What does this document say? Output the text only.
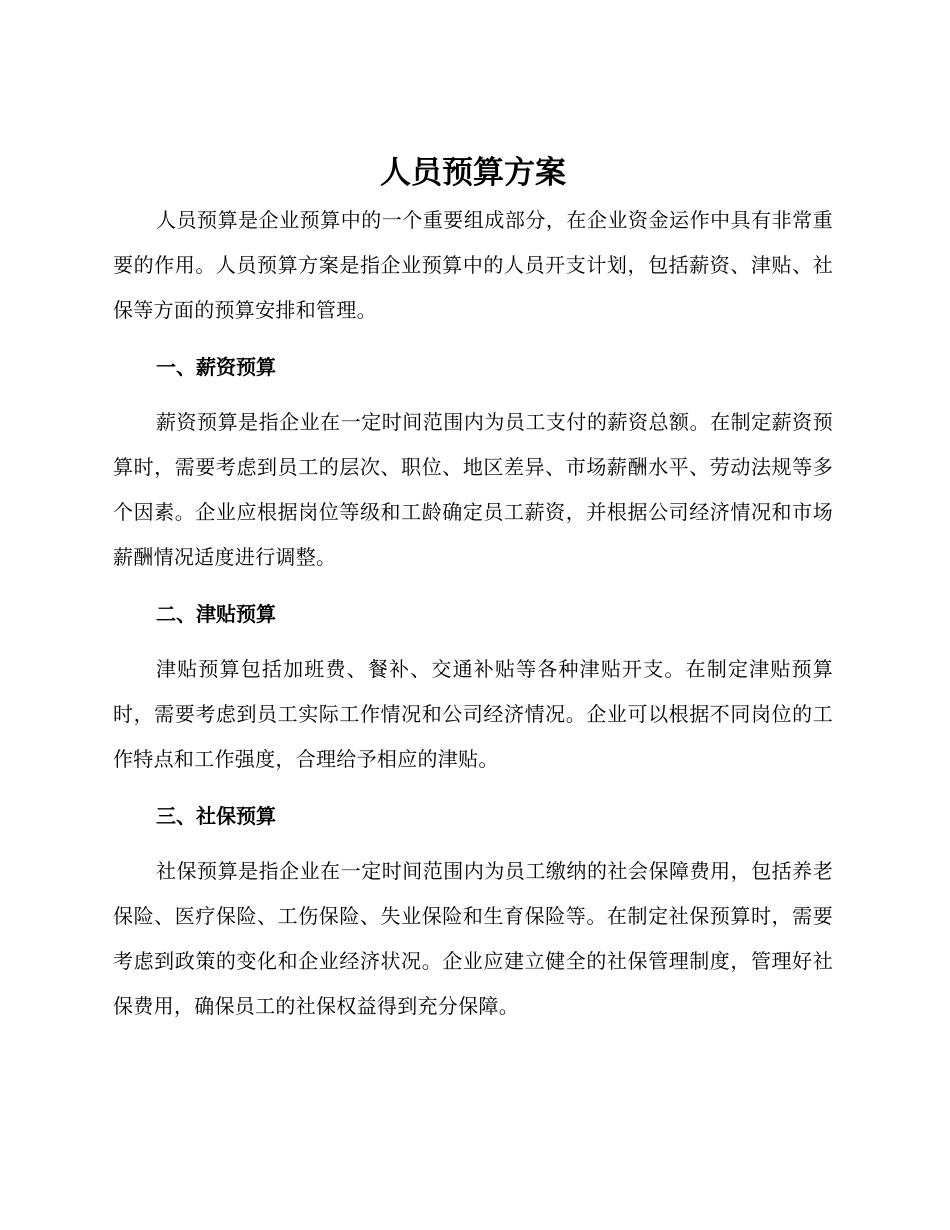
人员预算方案

人员预算是企业预算中的一个重要组成部分，在企业资金运作中具有非常重要的作用。人员预算方案是指企业预算中的人员开支计划，包括薪资、津贴、社保等方面的预算安排和管理。

一、薪资预算

薪资预算是指企业在一定时间范围内为员工支付的薪资总额。在制定薪资预算时，需要考虑到员工的层次、职位、地区差异、市场薪酬水平、劳动法规等多个因素。企业应根据岗位等级和工龄确定员工薪资，并根据公司经济情况和市场薪酬情况适度进行调整。

二、津贴预算

津贴预算包括加班费、餐补、交通补贴等各种津贴开支。在制定津贴预算时，需要考虑到员工实际工作情况和公司经济情况。企业可以根据不同岗位的工作特点和工作强度，合理给予相应的津贴。

三、社保预算

社保预算是指企业在一定时间范围内为员工缴纳的社会保障费用，包括养老保险、医疗保险、工伤保险、失业保险和生育保险等。在制定社保预算时，需要考虑到政策的变化和企业经济状况。企业应建立健全的社保管理制度，管理好社保费用，确保员工的社保权益得到充分保障。
